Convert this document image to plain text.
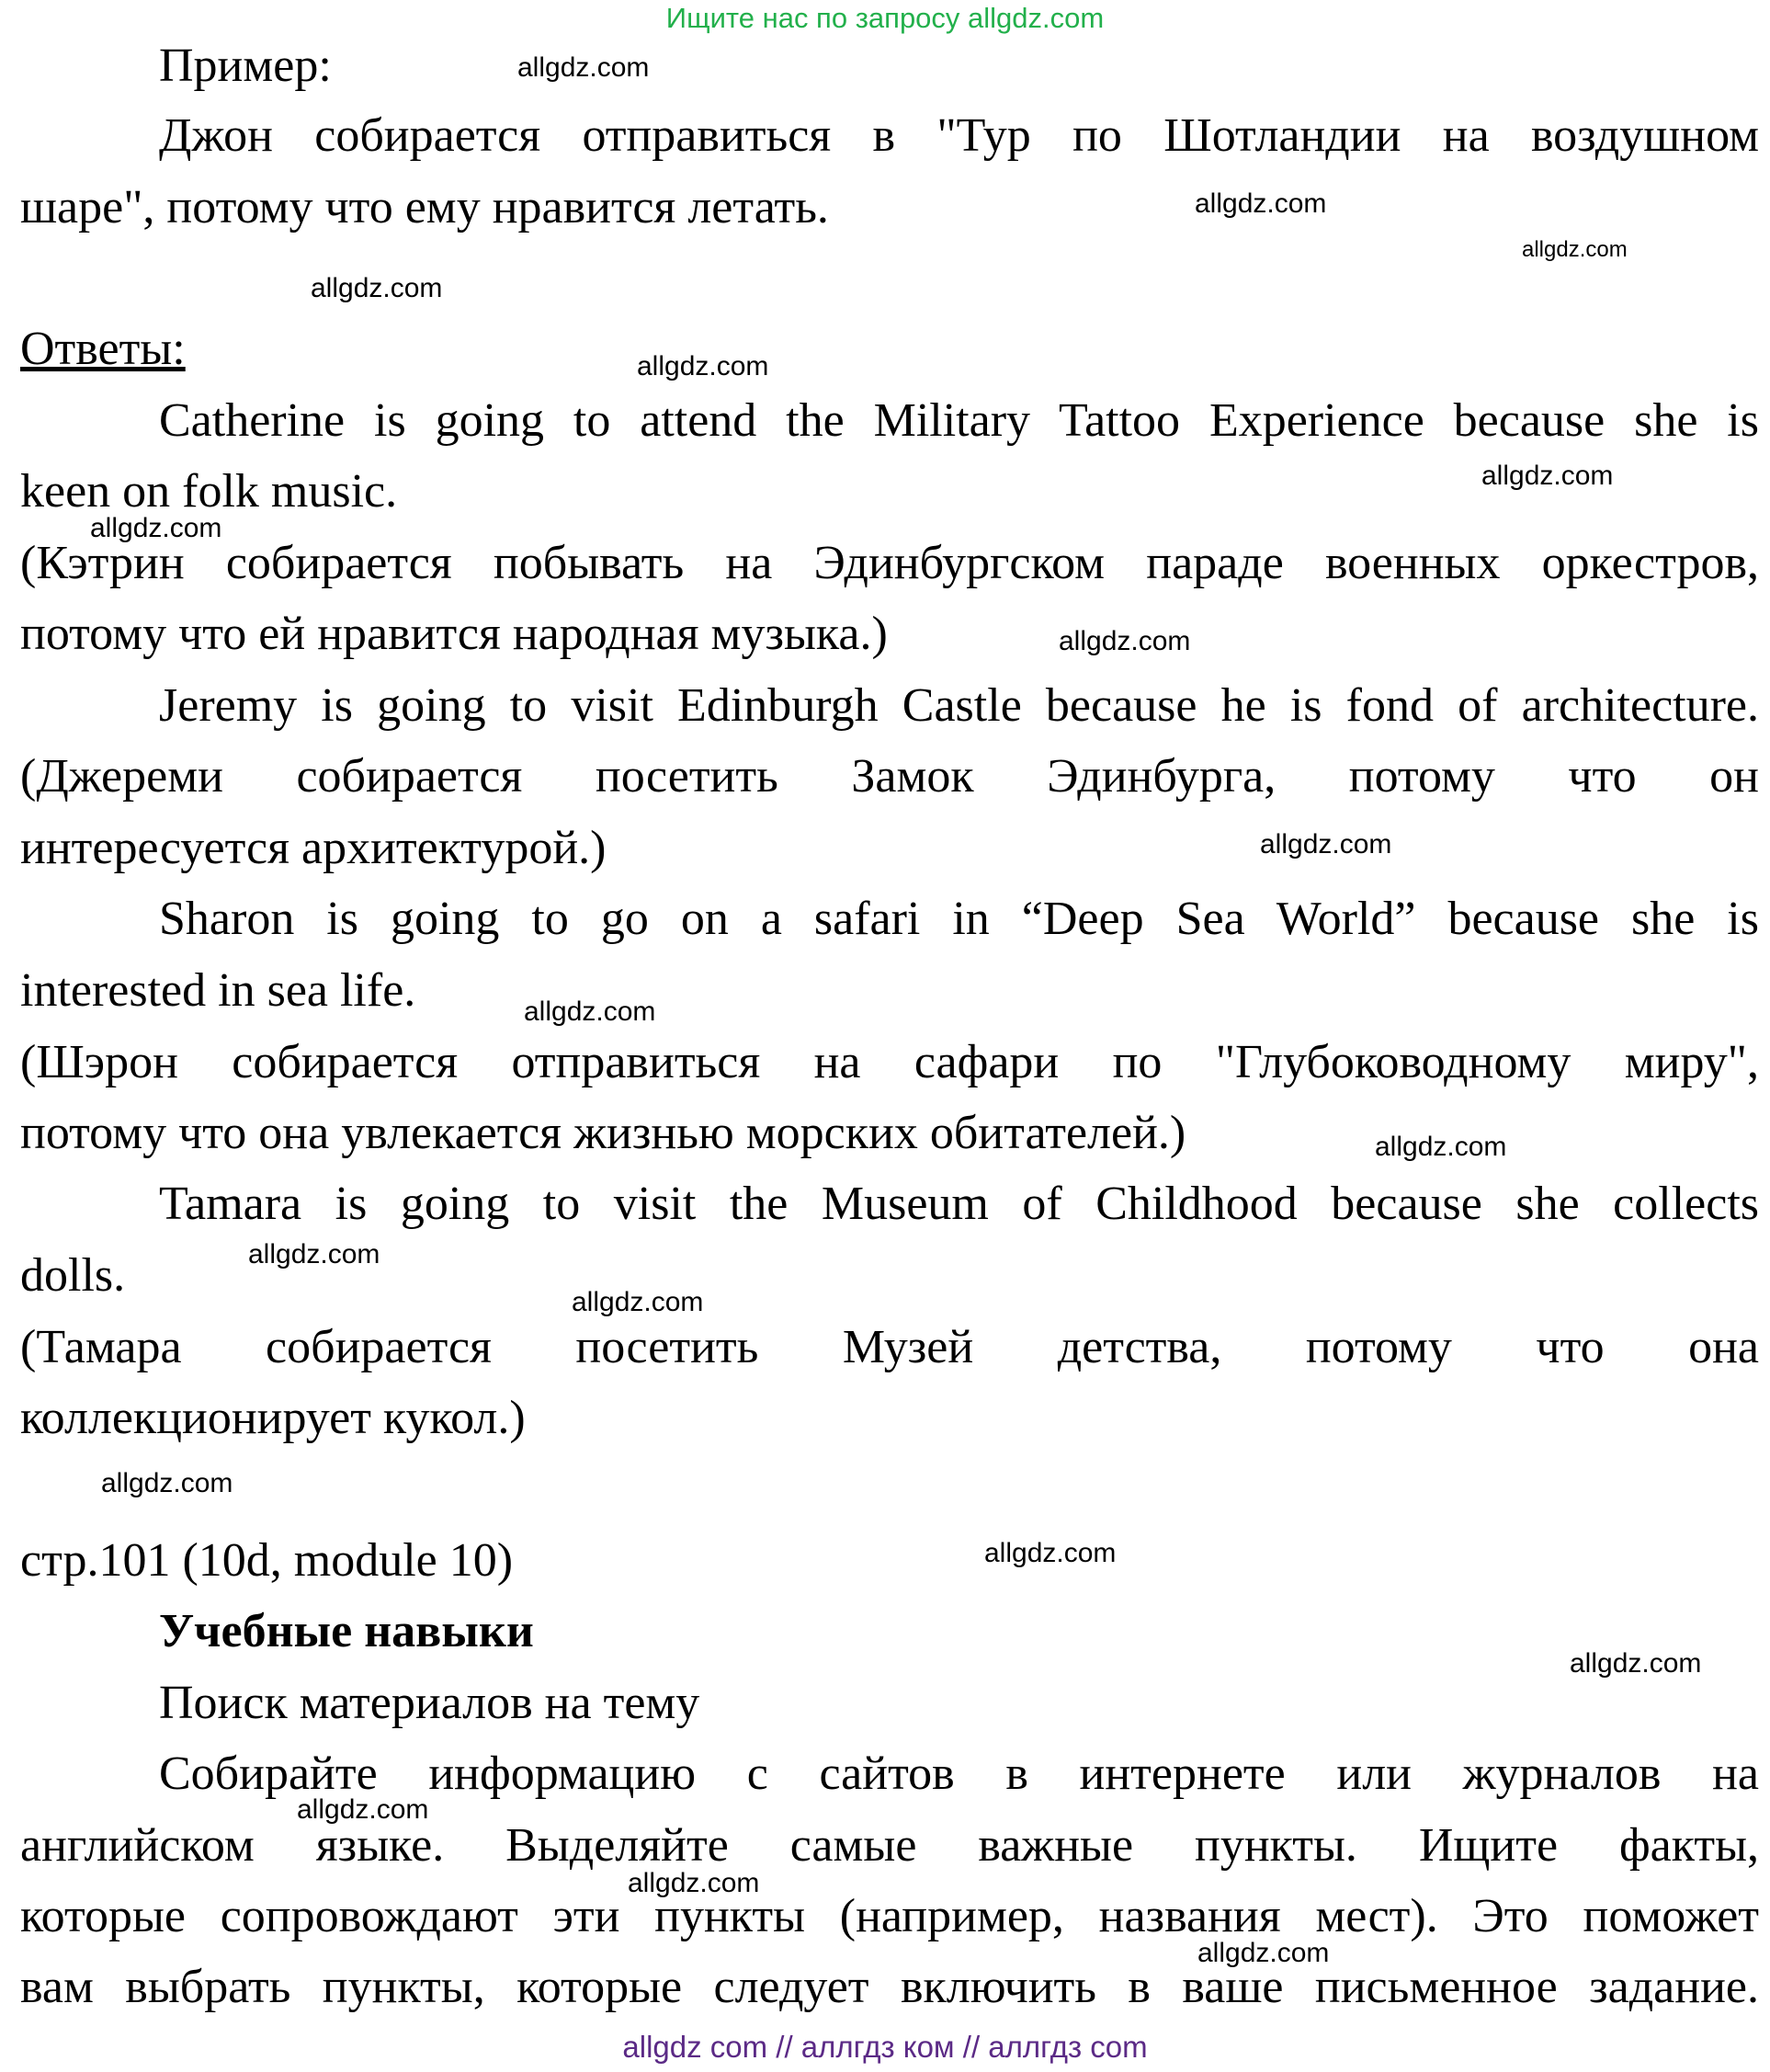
Ищите нас по запросу allgdz.com
Пример:
Джон собирается отправиться в "Тур по Шотландии на воздушном
шаре", потому что ему нравится летать.
Ответы:
Catherine is going to attend the Military Tattoo Experience because she is
keen on folk music.
(Кэтрин собирается побывать на Эдинбургском параде военных оркестров,
потому что ей нравится народная музыка.)
Jeremy is going to visit Edinburgh Castle because he is fond of architecture.
(Джереми собирается посетить Замок Эдинбурга, потому что он
интересуется архитектурой.)
Sharon is going to go on a safari in “Deep Sea World” because she is
interested in sea life.
(Шэрон собирается отправиться на сафари по "Глубоководному миру",
потому что она увлекается жизнью морских обитателей.)
Tamara is going to visit the Museum of Childhood because she collects
dolls.
(Тамара собирается посетить Музей детства, потому что она
коллекционирует кукол.)
стр.101 (10d, module 10)
Учебные навыки
Поиск материалов на тему
Собирайте информацию с сайтов в интернете или журналов на
английском языке. Выделяйте самые важные пункты. Ищите факты,
которые сопровождают эти пункты (например, названия мест). Это поможет
вам выбрать пункты, которые следует включить в ваше письменное задание.
allgdz.com
allgdz.com
allgdz.com
allgdz.com
allgdz.com
allgdz.com
allgdz.com
allgdz.com
allgdz.com
allgdz.com
allgdz.com
allgdz.com
allgdz.com
allgdz.com
allgdz.com
allgdz.com
allgdz.com
allgdz.com
allgdz.com
allgdz com // аллгдз ком // аллгдз com
